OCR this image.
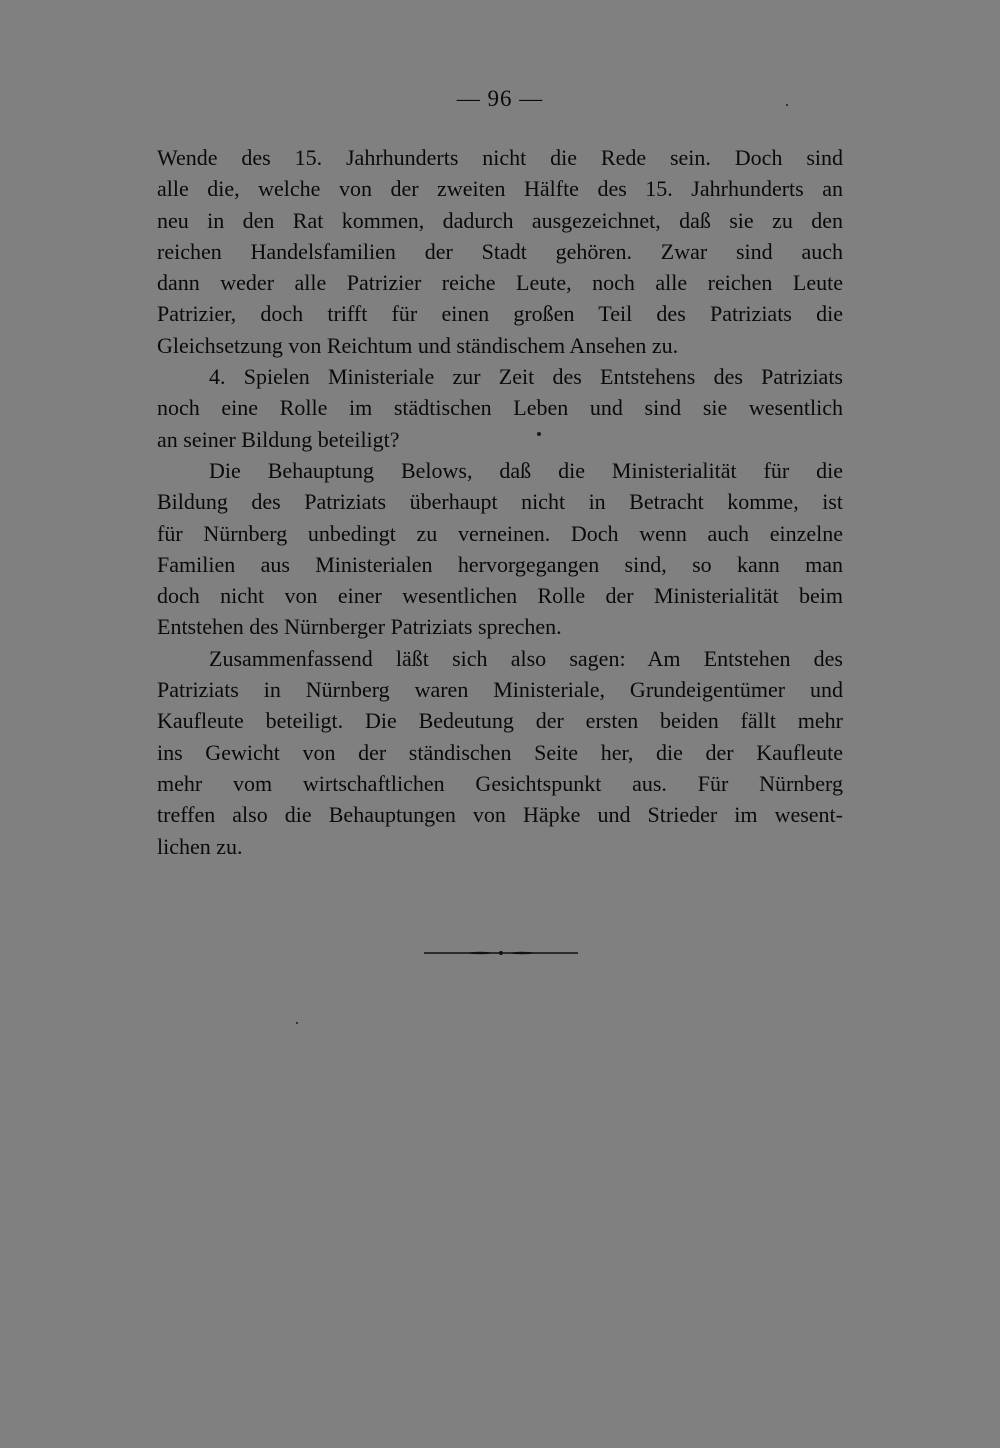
— 96 —
Wende des 15. Jahrhunderts nicht die Rede sein. Doch sind
alle die, welche von der zweiten Hälfte des 15. Jahrhunderts an
neu in den Rat kommen, dadurch ausgezeichnet, daß sie zu den
reichen Handelsfamilien der Stadt gehören. Zwar sind auch
dann weder alle Patrizier reiche Leute, noch alle reichen Leute
Patrizier, doch trifft für einen großen Teil des Patriziats die
Gleichsetzung von Reichtum und ständischem Ansehen zu.
4. Spielen Ministeriale zur Zeit des Entstehens des Patriziats
noch eine Rolle im städtischen Leben und sind sie wesentlich
an seiner Bildung beteiligt?
Die Behauptung Belows, daß die Ministerialität für die
Bildung des Patriziats überhaupt nicht in Betracht komme, ist
für Nürnberg unbedingt zu verneinen. Doch wenn auch einzelne
Familien aus Ministerialen hervorgegangen sind, so kann man
doch nicht von einer wesentlichen Rolle der Ministerialität beim
Entstehen des Nürnberger Patriziats sprechen.
Zusammenfassend läßt sich also sagen: Am Entstehen des
Patriziats in Nürnberg waren Ministeriale, Grundeigentümer und
Kaufleute beteiligt. Die Bedeutung der ersten beiden fällt mehr
ins Gewicht von der ständischen Seite her, die der Kaufleute
mehr vom wirtschaftlichen Gesichtspunkt aus. Für Nürnberg
treffen also die Behauptungen von Häpke und Strieder im wesent-
lichen zu.
